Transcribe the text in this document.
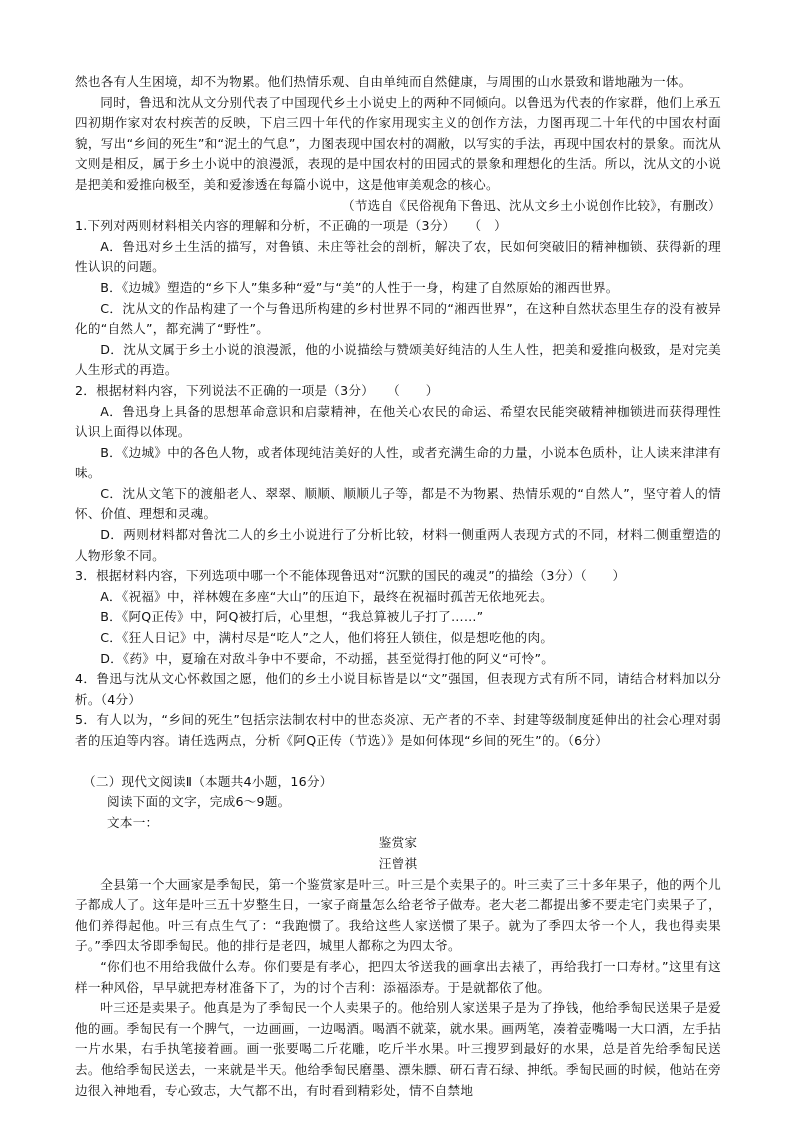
然也各有人生困境，却不为物累。他们热情乐观、自由单纯而自然健康，与周围的山水景致和谐地融为一体。

同时，鲁迅和沈从文分别代表了中国现代乡土小说史上的两种不同倾向。以鲁迅为代表的作家群，他们上承五四初期作家对农村疾苦的反映，下启三四十年代的作家用现实主义的创作方法，力图再现二十年代的中国农村面貌，写出“乡间的死生”和“泥土的气息”，力图表现中国农村的凋敝，以写实的手法，再现中国农村的景象。而沈从文则是相反，属于乡土小说中的浪漫派，表现的是中国农村的田园式的景象和理想化的生活。所以，沈从文的小说是把美和爱推向极至，美和爱渗透在每篇小说中，这是他审美观念的核心。

（节选自《民俗视角下鲁迅、沈从文乡土小说创作比较》，有删改）

1.下列对两则材料相关内容的理解和分析，不正确的一项是（3分）　　（　）

A．鲁迅对乡土生活的描写，对鲁镇、未庄等社会的剖析，解决了农，民如何突破旧的精神枷锁、获得新的理性认识的问题。

B．《边城》塑造的“乡下人”集多种“爱”与“美”的人性于一身，构建了自然原始的湘西世界。

C．沈从文的作品构建了一个与鲁迅所构建的乡村世界不同的“湘西世界”，在这种自然状态里生存的没有被异化的“自然人”，都充满了“野性”。

D．沈从文属于乡土小说的浪漫派，他的小说描绘与赞颂美好纯洁的人生人性，把美和爱推向极致，是对完美人生形式的再造。

2．根据材料内容，下列说法不正确的一项是（3分）　　（　　）

A．鲁迅身上具备的思想革命意识和启蒙精神，在他关心农民的命运、希望农民能突破精神枷锁进而获得理性认识上面得以体现。

B．《边城》中的各色人物，或者体现纯洁美好的人性，或者充满生命的力量，小说本色质朴，让人读来津津有味。

C．沈从文笔下的渡船老人、翠翠、顺顺、顺顺儿子等，都是不为物累、热情乐观的“自然人”，坚守着人的情怀、价值、理想和灵魂。

D．两则材料都对鲁沈二人的乡土小说进行了分析比较，材料一侧重两人表现方式的不同，材料二侧重塑造的人物形象不同。

3．根据材料内容，下列选项中哪一个不能体现鲁迅对“沉默的国民的魂灵”的描绘（3分）（　　）

A．《祝福》中，祥林嫂在多座“大山”的压迫下，最终在祝福时孤苦无依地死去。

B．《阿Q正传》中，阿Q被打后，心里想，“我总算被儿子打了……”

C．《狂人日记》中，满村尽是“吃人”之人，他们将狂人锁住，似是想吃他的肉。

D．《药》中，夏瑜在对敌斗争中不要命，不动摇，甚至觉得打他的阿义“可怜”。

4．鲁迅与沈从文心怀救国之愿，他们的乡土小说目标皆是以“文”强国，但表现方式有所不同，请结合材料加以分析。（4分）

5．有人以为，“乡间的死生”包括宗法制农村中的世态炎凉、无产者的不幸、封建等级制度延伸出的社会心理对弱者的压迫等内容。请任选两点，分析《阿Q正传（节选）》是如何体现“乡间的死生”的。（6分）

（二）现代文阅读Ⅱ（本题共4小题，16分）

阅读下面的文字，完成6～9题。

文本一：

鉴赏家

汪曾祺

全县第一个大画家是季匋民，第一个鉴赏家是叶三。叶三是个卖果子的。叶三卖了三十多年果子，他的两个儿子都成人了。这年是叶三五十岁整生日，一家子商量怎么给老爷子做寿。老大老二都提出爹不要走宅门卖果子了，他们养得起他。叶三有点生气了：“我跑惯了。我给这些人家送惯了果子。就为了季四太爷一个人，我也得卖果子。”季四太爷即季匋民。他的排行是老四，城里人都称之为四太爷。

“你们也不用给我做什么寿。你们要是有孝心，把四太爷送我的画拿出去裱了，再给我打一口寿材。”这里有这样一种风俗，早早就把寿材准备下了，为的讨个吉利：添福添寿。于是就都依了他。

叶三还是卖果子。他真是为了季匋民一个人卖果子的。他给别人家送果子是为了挣钱，他给季匋民送果子是爱他的画。季匋民有一个脾气，一边画画，一边喝酒。喝酒不就菜，就水果。画两笔，凑着壶嘴喝一大口酒，左手拈一片水果，右手执笔接着画。画一张要喝二斤花雕，吃斤半水果。叶三搜罗到最好的水果，总是首先给季匋民送去。他给季匋民送去，一来就是半天。他给季匋民磨墨、漂朱膘、研石青石绿、抻纸。季匋民画的时候，他站在旁边很入神地看，专心致志，大气都不出，有时看到精彩处，情不自禁地
